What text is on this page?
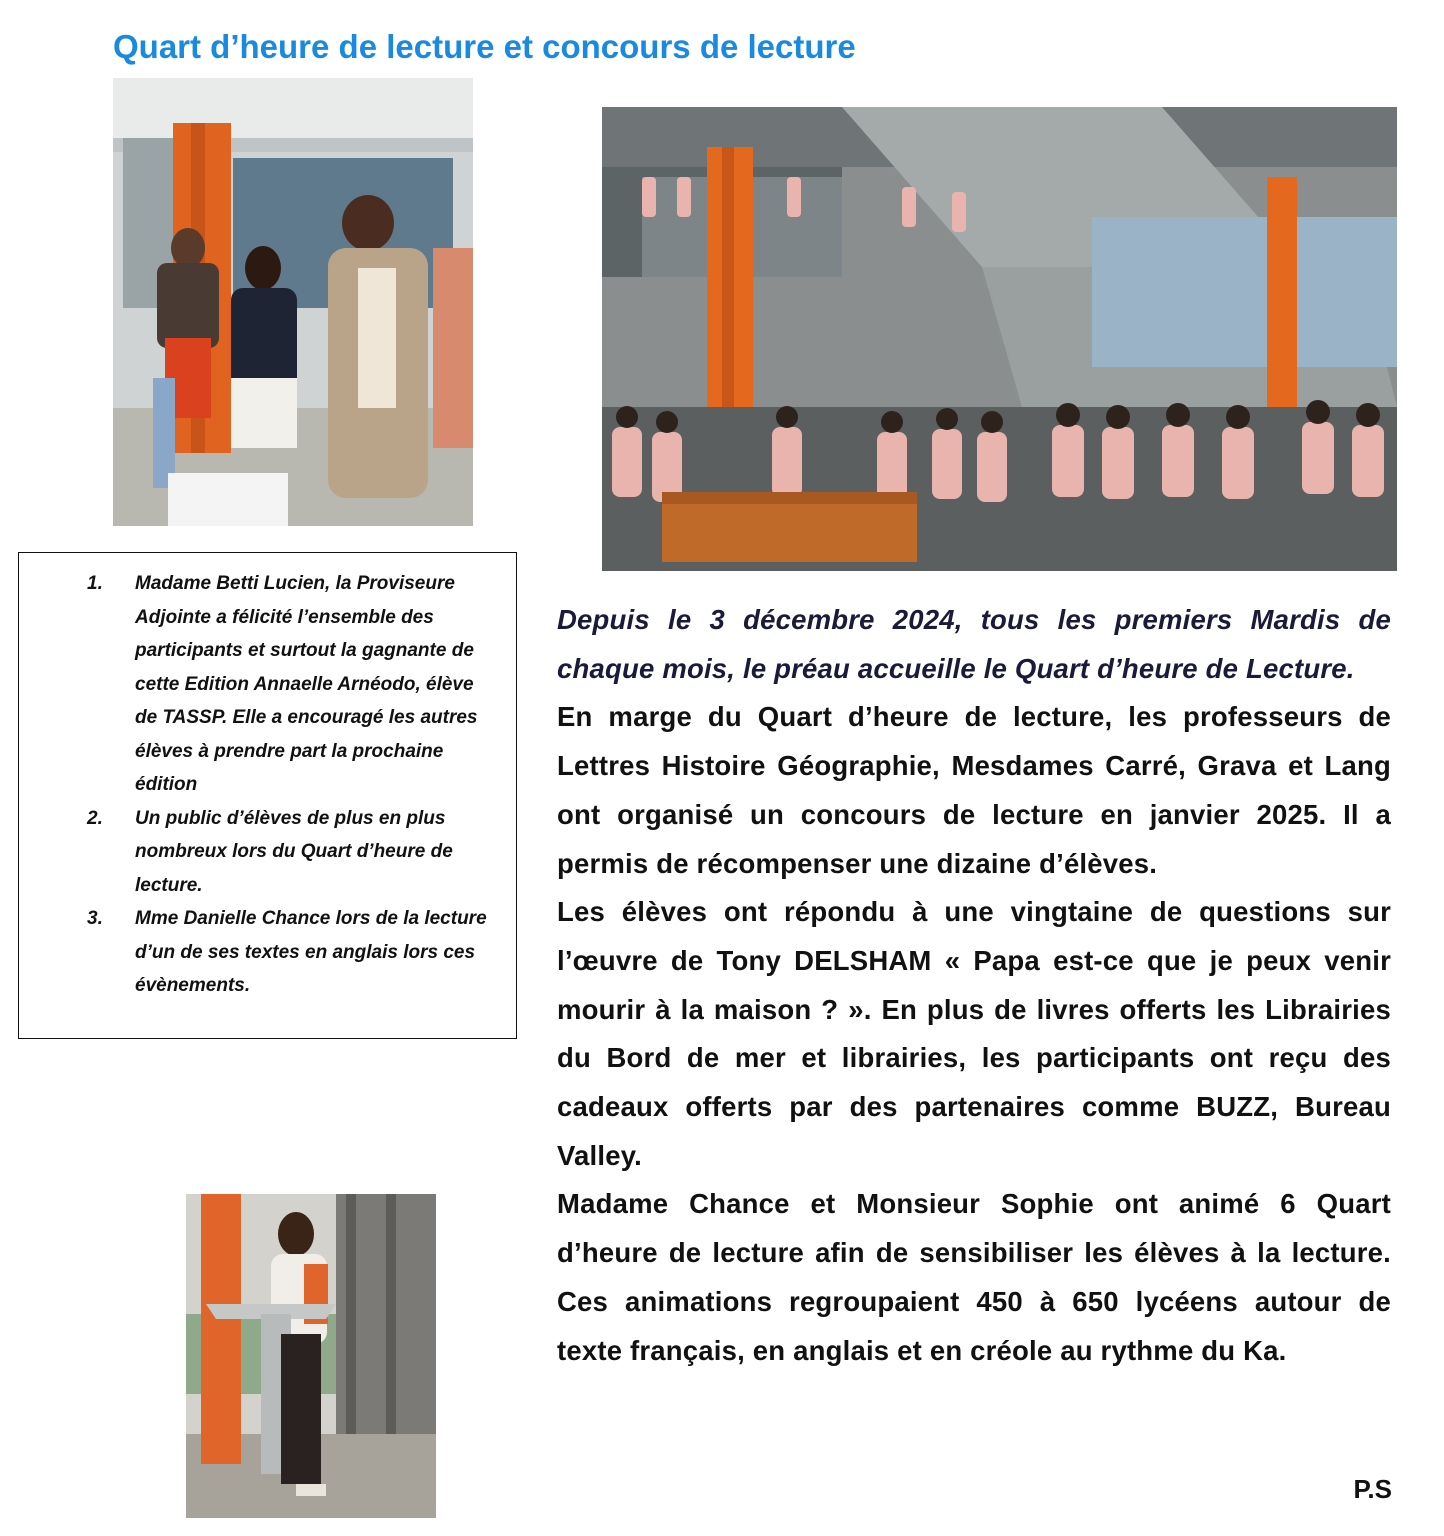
Quart d’heure de lecture et concours de lecture
1. Madame Betti Lucien, la Proviseure Adjointe a félicité l’ensemble des participants et surtout la gagnante de cette Edition Annaelle Arnéodo, élève de TASSP. Elle a encouragé les autres élèves à prendre part la prochaine édition
2. Un public d’élèves de plus en plus nombreux lors du Quart d’heure de lecture.
3. Mme Danielle Chance lors de la lecture d’un de ses textes en anglais lors ces évènements.

Depuis le 3 décembre 2024, tous les premiers Mardis de chaque mois, le préau accueille le Quart d’heure de Lecture.

En marge du Quart d’heure de lecture, les professeurs de Lettres Histoire Géographie, Mesdames Carré, Grava et Lang ont organisé un concours de lecture en janvier 2025. Il a permis de récompenser une dizaine d’élèves.

Les élèves ont répondu à une vingtaine de questions sur l’œuvre de Tony DELSHAM « Papa est-ce que je peux venir mourir à la maison ? ». En plus de livres offerts les Librairies du Bord de mer et librairies, les participants ont reçu des cadeaux offerts par des partenaires comme BUZZ, Bureau Valley.

Madame Chance et Monsieur Sophie ont animé 6 Quart d’heure de lecture afin de sensibiliser les élèves à la lecture. Ces animations regroupaient 450 à 650 lycéens autour de texte français, en anglais et en créole au rythme du Ka.

P.S
